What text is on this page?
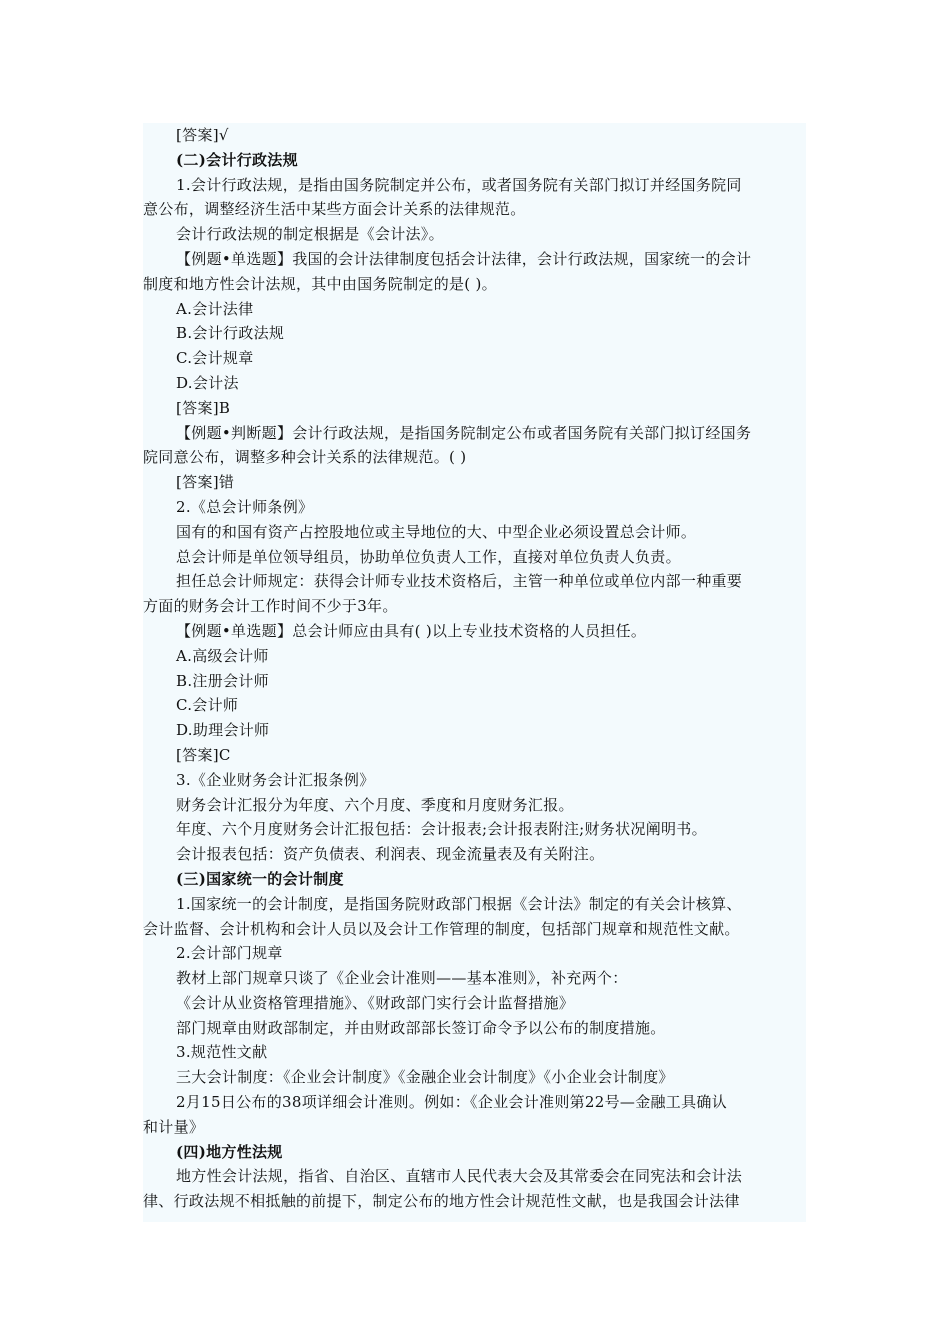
[答案]√
(二)会计行政法规
1.会计行政法规，是指由国务院制定并公布，或者国务院有关部门拟订并经国务院同
意公布，调整经济生活中某些方面会计关系的法律规范。
会计行政法规的制定根据是《会计法》。
【例题•单选题】我国的会计法律制度包括会计法律，会计行政法规，国家统一的会计
制度和地方性会计法规，其中由国务院制定的是( )。
A.会计法律
B.会计行政法规
C.会计规章
D.会计法
[答案]B
【例题•判断题】会计行政法规，是指国务院制定公布或者国务院有关部门拟订经国务
院同意公布，调整多种会计关系的法律规范。( )
[答案]错
2.《总会计师条例》
国有的和国有资产占控股地位或主导地位的大、中型企业必须设置总会计师。
总会计师是单位领导组员，协助单位负责人工作，直接对单位负责人负责。
担任总会计师规定：获得会计师专业技术资格后，主管一种单位或单位内部一种重要
方面的财务会计工作时间不少于3年。
【例题•单选题】总会计师应由具有( )以上专业技术资格的人员担任。
A.高级会计师
B.注册会计师
C.会计师
D.助理会计师
[答案]C
3.《企业财务会计汇报条例》
财务会计汇报分为年度、六个月度、季度和月度财务汇报。
年度、六个月度财务会计汇报包括：会计报表;会计报表附注;财务状况阐明书。
会计报表包括：资产负债表、利润表、现金流量表及有关附注。
(三)国家统一的会计制度
1.国家统一的会计制度，是指国务院财政部门根据《会计法》制定的有关会计核算、
会计监督、会计机构和会计人员以及会计工作管理的制度，包括部门规章和规范性文献。
2.会计部门规章
教材上部门规章只谈了《企业会计准则——基本准则》，补充两个：
《会计从业资格管理措施》、《财政部门实行会计监督措施》
部门规章由财政部制定，并由财政部部长签订命令予以公布的制度措施。
3.规范性文献
三大会计制度：《企业会计制度》《金融企业会计制度》《小企业会计制度》
2月15日公布的38项详细会计准则。例如：《企业会计准则第22号—金融工具确认
和计量》
(四)地方性法规
地方性会计法规，指省、自治区、直辖市人民代表大会及其常委会在同宪法和会计法
律、行政法规不相抵触的前提下，制定公布的地方性会计规范性文献，也是我国会计法律
